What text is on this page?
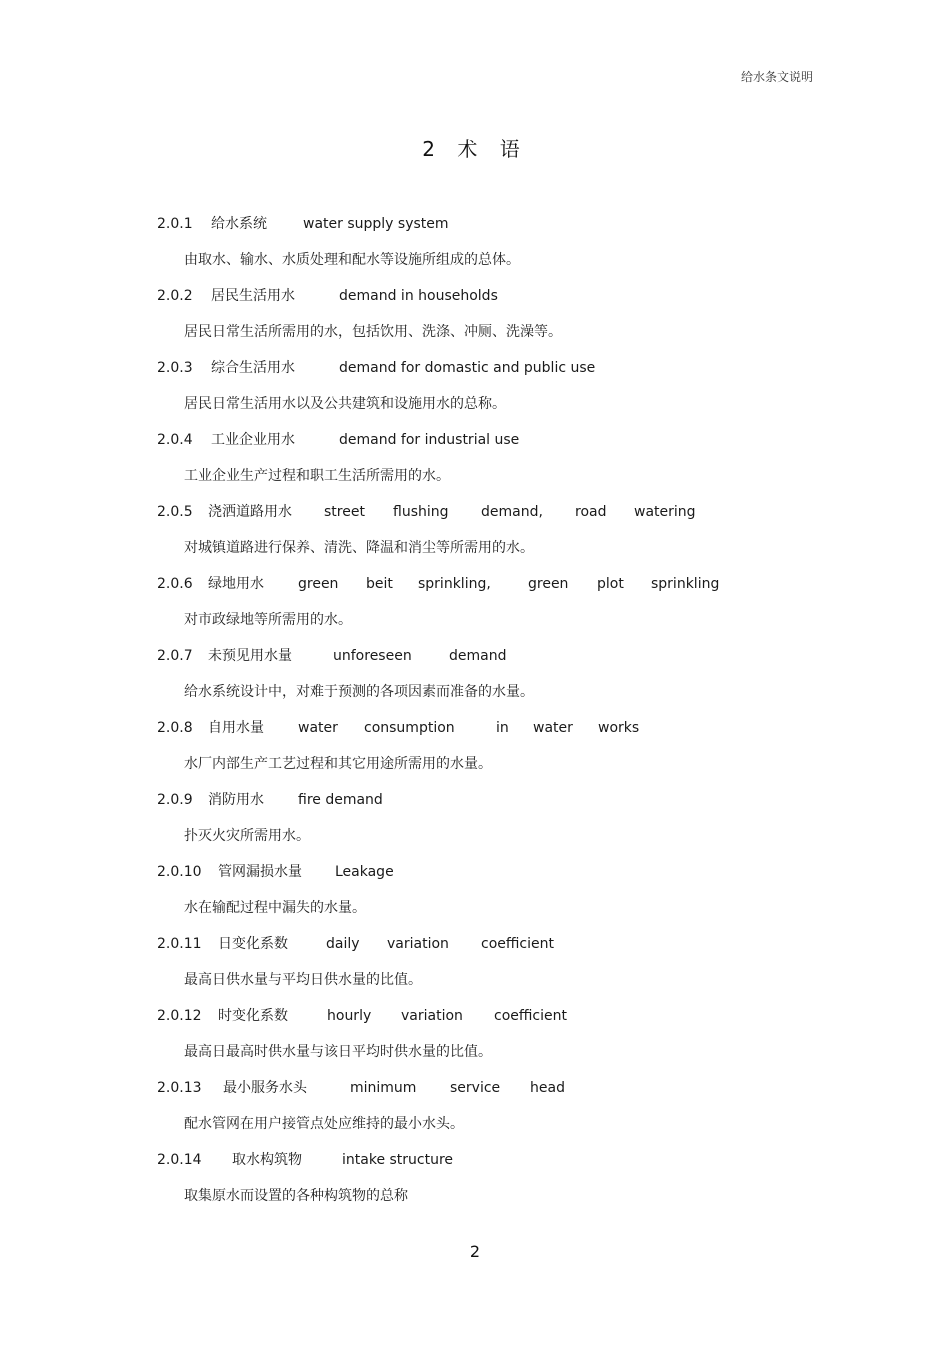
给水条文说明
2 术 语
2.0.1 给水系统	water supply system
由取水、输水、水质处理和配水等设施所组成的总体。
2.0.2 居民生活用水	demand in households
居民日常生活所需用的水，包括饮用、洗涤、冲厕、洗澡等。
2.0.3 综合生活用水	demand for domastic and public use
居民日常生活用水以及公共建筑和设施用水的总称。
2.0.4 工业企业用水	demand for industrial use
工业企业生产过程和职工生活所需用的水。
2.0.5 浇洒道路用水 street flushing demand, road watering
对城镇道路进行保养、清洗、降温和消尘等所需用的水。
2.0.6 绿地用水 green beit sprinkling,	green plot sprinkling
对市政绿地等所需用的水。
2.0.7 未预见用水量	unforeseen	demand
给水系统设计中，对难于预测的各项因素而准备的水量。
2.0.8 自用水量 water consumption	in water works
水厂内部生产工艺过程和其它用途所需用的水量。
2.0.9 消防用水 fire demand
扑灭火灾所需用水。
2.0.10 管网漏损水量 Leakage
水在输配过程中漏失的水量。
2.0.11 日变化系数	daily variation coefficient
最高日供水量与平均日供水量的比值。
2.0.12 时变化系数	hourly variation coefficient
最高日最高时供水量与该日平均时供水量的比值。
2.0.13 最小服务水头	minimum service head
配水管网在用户接管点处应维持的最小水头。
2.0.14 取水构筑物	intake structure
取集原水而设置的各种构筑物的总称
2
